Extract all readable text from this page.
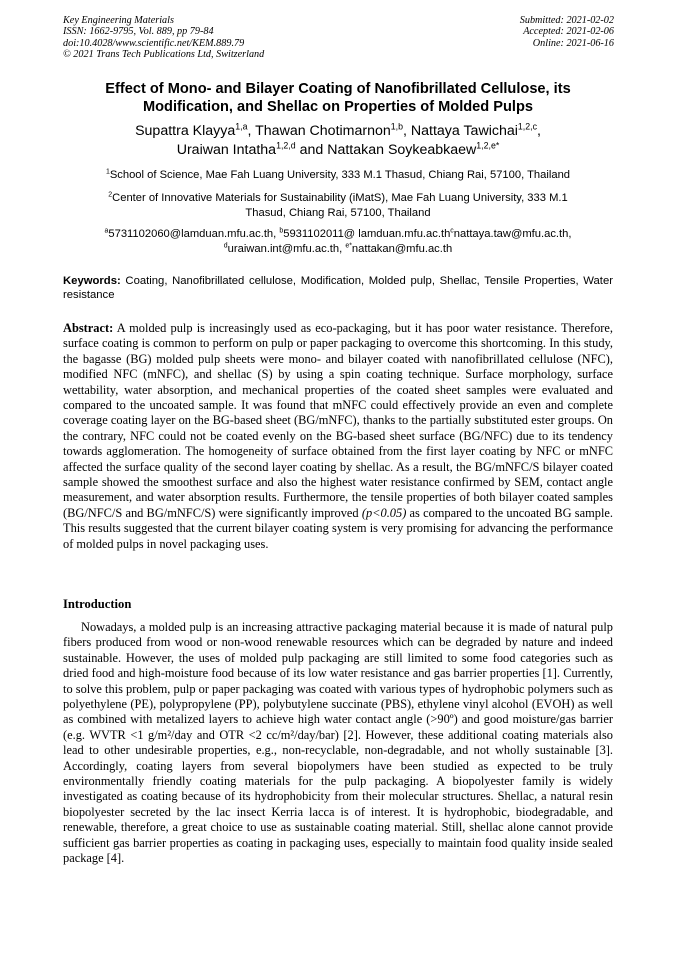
Key Engineering Materials
ISSN: 1662-9795, Vol. 889, pp 79-84
doi:10.4028/www.scientific.net/KEM.889.79
© 2021 Trans Tech Publications Ltd, Switzerland
Submitted: 2021-02-02
Accepted: 2021-02-06
Online: 2021-06-16
Effect of Mono- and Bilayer Coating of Nanofibrillated Cellulose, its
Modification, and Shellac on Properties of Molded Pulps
Supattra Klayya$^{1,a}$, Thawan Chotimarnon$^{1,b}$, Nattaya Tawichai$^{1,2,c}$,
Uraiwan Intatha$^{1,2,d}$ and Nattakan Soykeabkaew$^{1,2,e*}$
$^1$School of Science, Mae Fah Luang University, 333 M.1 Thasud, Chiang Rai, 57100, Thailand
$^2$Center of Innovative Materials for Sustainability (iMatS), Mae Fah Luang University, 333 M.1
Thasud, Chiang Rai, 57100, Thailand
$^a$5731102060@lamduan.mfu.ac.th, $^b$5931102011@ $lamduan.mfu.ac.th^cnattaya.taw@mfu.ac.th$,
$^d$uraiwan.int@mfu.ac.th, $^{e*}$nattakan@mfu.ac.th
Keywords: Coating, Nanofibrillated cellulose, Modification, Molded pulp, Shellac, Tensile Properties, Water resistance

Abstract: A molded pulp is increasingly used as eco-packaging, but it has poor water resistance. Therefore, surface coating is common to perform on pulp or paper packaging to overcome this shortcoming. In this study, the bagasse (BG) molded pulp sheets were mono- and bilayer coated with nanofibrillated cellulose (NFC), modified NFC (mNFC), and shellac (S) by using a spin coating technique. Surface morphology, surface wettability, water absorption, and mechanical properties of the coated sheet samples were evaluated and compared to the uncoated sample. It was found that mNFC could effectively provide an even and complete coverage coating layer on the BG-based sheet (BG/mNFC), thanks to the partially substituted ester groups. On the contrary, NFC could not be coated evenly on the BG-based sheet surface (BG/NFC) due to its tendency towards agglomeration. The homogeneity of surface obtained from the first layer coating by NFC or mNFC affected the surface quality of the second layer coating by shellac. As a result, the BG/mNFC/S bilayer coated sample showed the smoothest surface and also the highest water resistance confirmed by SEM, contact angle measurement, and water absorption results. Furthermore, the tensile properties of both bilayer coated samples (BG/NFC/S and BG/mNFC/S) were significantly improved (p<0.05) as compared to the uncoated BG sample. This results suggested that the current bilayer coating system is very promising for advancing the performance of molded pulps in novel packaging uses.

Introduction

Nowadays, a molded pulp is an increasing attractive packaging material because it is made of natural pulp fibers produced from wood or non-wood renewable resources which can be degraded by nature and indeed sustainable. However, the uses of molded pulp packaging are still limited to some food categories such as dried food and high-moisture food because of its low water resistance and gas barrier properties [1]. Currently, to solve this problem, pulp or paper packaging was coated with various types of hydrophobic polymers such as polyethylene (PE), polypropylene (PP), polybutylene succinate (PBS), ethylene vinyl alcohol (EVOH) as well as combined with metalized layers to achieve high water contact angle (>90º) and good moisture/gas barrier (e.g. WVTR <1 g/m²/day and OTR <2 cc/m²/day/bar) [2]. However, these additional coating materials also lead to other undesirable properties, e.g., non-recyclable, non-degradable, and not wholly sustainable [3]. Accordingly, coating layers from several biopolymers have been studied as expected to be truly environmentally friendly coating materials for the pulp packaging. A biopolyester family is widely investigated as coating because of its hydrophobicity from their molecular structures. Shellac, a natural resin biopolyester secreted by the lac insect Kerria lacca is of interest. It is hydrophobic, biodegradable, and renewable, therefore, a great choice to use as sustainable coating material. Still, shellac alone cannot provide sufficient gas barrier properties as coating in packaging uses, especially to maintain food quality inside sealed package [4].
